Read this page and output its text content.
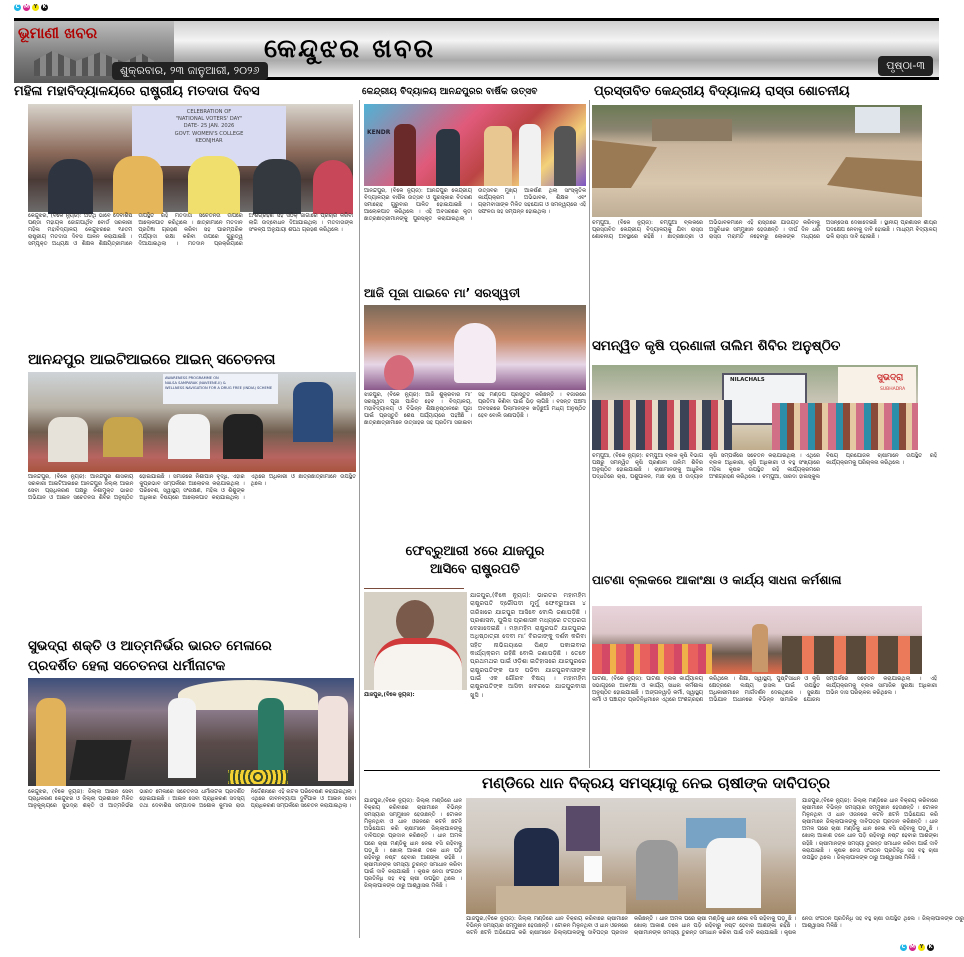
C M Y	K
C M Y	K
ଭୂମାଣୀ ଖବର
ଶୁକ୍ରବାର, ୨୩ ଜାନୁଆରୀ, ୨୦୨୬
କେନ୍ଦୁଝର ଖବର
ପୃଷ୍ଠା-୩
ମହିଳା ମହାବିଦ୍ୟାଳୟରେ ରାଷ୍ଟ୍ରୀୟ ମତଦାତା ଦିବସ	କେନ୍ଦ୍ରୀୟ ବିଦ୍ୟାଳୟ ଆନନ୍ଦପୁରର ବାର୍ଷିକ ଉତ୍ସବ	ପ୍ରସ୍ତାବିତ କେନ୍ଦ୍ରୀୟ ବିଦ୍ୟାଳୟ ରାସ୍ତା ଶୋଚନୀୟ
CELEBRATION OF
"NATIONAL VOTERS' DAY"
DATE- 25 JAN. 2026
GOVT. WOMEN'S COLLEGE
KEONJHAR
କେନ୍ଦୁଝର, (ବିକେ ନ୍ୟୁଜ): ଅତିଥି ଭାବେ ଦେବାଶିଷ ପଣ୍ଡା ମହାୟକ ଜୋଗପାର୍ଥିବ ବୋର୍ଡ ସରକାରୀ ମହିଳା ମହାବିଦ୍ୟାଳୟ କେନ୍ଦୁଝରରେ ୧୬ତମ ରାଷ୍ଟ୍ରୀୟ ମତଦାତା ଦିବସ ପାଳନ କରାଯାଇଛି । ସମ୍ପୃକ୍ତ ଅଧ୍ୟକ୍ଷ ଓ ଶିକ୍ଷକ ଶିକ୍ଷୟିତ୍ରୀମାନେ ଉପସ୍ଥିତ ରହି ମତଦାତା ସଚେତନତା ଉପରେ ଆଲୋକପାତ କରିଥିଲେ । ଛାତ୍ରୀମାନେ ମତଦାନ ପ୍ରତିଜ୍ଞା ଗ୍ରହଣ କରିବା ସହ ପାରମ୍ପରିକ ମର୍ଯ୍ୟାଦା ରକ୍ଷା କରିବା ଉପରେ ଗୁରୁତ୍ୱ ଦିଆଯାଇଥିଲା । ମତଦାନ ପ୍ରକ୍ରିୟାରେ ଅଂଶଗ୍ରହଣ ସହ ସଠିକ୍ ଜାଗାରେ ପ୍ରଚାର କରିବା ଲାଗି ଉଦ୍ବୋଧନ ଦିଆଯାଇଥିଲା । ମତଦାତାଙ୍କ ସଂକଳ୍ପ ଅନୁଯାୟୀ ଶପଥ ଗ୍ରହଣ କରିଥିଲେ ।
ଆନନ୍ଦପୁର ଆଇଟିଆଇରେ ଆଇନ୍ ସଚେତନତା
KENDR
ଆନନ୍ଦପୁର, (ବିକେ ନ୍ୟୁଜ): ଆନନ୍ଦପୁର କେନ୍ଦ୍ରୀୟ ବିଦ୍ୟାଳୟର ବାର୍ଷିକ ଉତ୍ସବ ଓ ପୁରସ୍କାର ବିତରଣ ସମାରୋହ ଗୁରୁବାର ପାଳିତ ହୋଇଯାଇଛି । ଆଲୋକପାତ କରିଥିଲେ । ଏହି ଅବସରରେ କୃତୀ ଛାତ୍ରଛାତ୍ରୀମାନଙ୍କୁ ପୁରସ୍କୃତ କରାଯାଇଥିଲା । ଉତ୍ସବର ମୁଖ୍ୟ ଆକର୍ଷଣ ଥିଲା ସାଂସ୍କୃତିକ କାର୍ଯ୍ୟକ୍ରମ । ଅଭିଭାବକ, ଶିକ୍ଷକ ଏବଂ ଗ୍ରାମବାସୀଙ୍କ ମିଳିତ ସହଯୋଗ ଓ ସମନ୍ୱୟରେ ଏହି ସଫଳତା ସହ ସମ୍ପନ୍ନ ହୋଇଥିଲା ।
ଆଜି ପୂଜା ପାଇବେ ମା’ ସରସ୍ୱତୀ
ଝାଜପୁର, (ବିକେ ନ୍ୟୁଜ): ଆଜି ଶୁକ୍ରବାର ମା’ ସରସ୍ୱତୀ ପୂଜା ପାଳିତ ହେବ । ବିଦ୍ୟାଳୟ, ମହାବିଦ୍ୟାଳୟ ଓ ବିଭିନ୍ନ ଶିକ୍ଷାନୁଷ୍ଠାନରେ ପୂଜା ପାଇଁ ପ୍ରସ୍ତୁତି ଶେଷ ପର୍ଯ୍ୟାୟରେ ପହଞ୍ଚିଛି । ଛାତ୍ରଛାତ୍ରୀମାନେ ଉତ୍ସାହର ସହ ପ୍ରତିମା ସଜାଇବା ସହ ମଣ୍ଡପ ପ୍ରସ୍ତୁତ କରିଛନ୍ତି । ବଜାରରେ ପ୍ରତିମା କିଣିବା ପାଇଁ ଭିଡ଼ ଲାଗିଛି । ବସନ୍ତ ପଞ୍ଚମୀ ଅବସରରେ ପିଲାମାନଙ୍କ ଖଡ଼ିଛୁଆଁ ମଧ୍ୟ ଅନୁଷ୍ଠିତ ହେବ ବୋଲି ଜଣାପଡ଼ିଛି ।
ଚମ୍ପୁଆ, (ବିକେ ନ୍ୟୁଜ): ଚମ୍ପୁଆ ବ୍ଲକରେ ପ୍ରସ୍ତାବିତ କେନ୍ଦ୍ରୀୟ ବିଦ୍ୟାଳୟକୁ ଯିବା ରାସ୍ତା ଶୋଚନୀୟ ଅବସ୍ଥାରେ ରହିଛି । ଛାତ୍ରଛାତ୍ରୀ ଓ ଅଭିଭାବକମାନେ ଏହି ରାସ୍ତାରେ ଯାତାୟତ କରିବାକୁ ଅସୁବିଧାର ସମ୍ମୁଖୀନ ହେଉଛନ୍ତି । ଦୀର୍ଘ ଦିନ ଧରି ରାସ୍ତା ମରାମତି ନହେବାରୁ ଲୋକଙ୍କ ମଧ୍ୟରେ ଅସନ୍ତୋଷ ଦେଖାଦେଇଛି । ସ୍ଥାନୀୟ ପ୍ରଶାସନ ଶୀଘ୍ର ପଦକ୍ଷେପ ନେବାକୁ ଦାବି ହୋଇଛି । ମାଧ୍ୟମ ବିଦ୍ୟାଳୟ ଭଳି ରାସ୍ତା ଦାବି ହୋଇଛି ।
ସମନ୍ୱିତ କୃଷି ପ୍ରଣାଳୀ ତାଲିମ ଶିବିର ଅନୁଷ୍ଠିତ
NILACHALS	ସୁଭଦ୍ରା
SUBHADRA
ଚମ୍ପୁଆ, (ବିକେ ନ୍ୟୁଜ): ଚମ୍ପୁଆ ବ୍ଲକ କୃଷି ବିଭାଗ ପକ୍ଷରୁ ସମନ୍ୱିତ କୃଷି ପ୍ରଣାଳୀ ତାଲିମ ଶିବିର ଅନୁଷ୍ଠିତ ହୋଇଯାଇଛି । ଚାଷୀମାନଙ୍କୁ ଆଧୁନିକ ପଦ୍ଧତିରେ ଚାଷ, ପଶୁପାଳନ, ମାଛ ଚାଷ ଓ ଉଦ୍ୟାନ କୃଷି ସମ୍ପର୍କରେ ସଚେତନ କରାଯାଇଥିଲା । ଏଥିରେ ବ୍ଲକ ଅଧିକାରୀ, କୃଷି ଅଧିକାରୀ ଓ ବହୁ ସଂଖ୍ୟାରେ ମହିଳା କୃଷକ ଉପସ୍ଥିତ ରହି କାର୍ଯ୍ୟକ୍ରମରେ ଅଂଶଗ୍ରହଣ କରିଥିଲେ । ଚମ୍ପୁଆ, ସାରଦା ହାଇସ୍କୁଲ ବିଷୟ ପ୍ରଯୋଜକ ଚାଷୀମାନେ ଉପସ୍ଥିତ ରହି କାର୍ଯ୍ୟକ୍ରମକୁ ପରିଚାଳନା କରିଥିଲେ ।
ପାଟଣା ବ୍ଲକରେ ଆକାଂକ୍ଷା ଓ କାର୍ଯ୍ୟ ସାଧନା କର୍ମଶାଳା
AWARENESS PROGRAMME ON
NALSA SAMPARAK (NAVEENE-II) &
WELLNESS NAVIGATION FOR A DRUG FREE (INDIA) SCHEME
ଆନନ୍ଦପୁର, (ବିକେ ନ୍ୟୁଜ): ଆନନ୍ଦପୁର ଶାସକୀୟ ସରକାରୀ ଆଇଟିଆଇରେ ଆନନ୍ଦପୁର ଜିଲ୍ଲା ଆଇନ ସେବା ପ୍ରାଧିକରଣ ପକ୍ଷରୁ ନିଶାମୁକ୍ତ ଭାରତ ଅଭିଯାନ ଓ ଆଇନ ସଚେତନତା ଶିବିର ଅନୁଷ୍ଠିତ ହୋଇଯାଇଛି । ସମାଜରେ ନିଶାପାନ ବୃଦ୍ଧି, ଏହାର କୁପ୍ରଭାବ ସମ୍ପର୍କରେ ଆଲୋଚନା କରାଯାଇଥିଲା । ପରିବେଶ, ସ୍ୱାସ୍ଥ୍ୟ ସଂରକ୍ଷଣ, ମହିଳା ଓ ଶିଶୁଙ୍କ ଅଧିକାର ବିଷୟରେ ଆଲୋକପାତ କରାଯାଇଥିଲା । ଏଥିରେ ଅଧିକାରୀ ଓ ଛାତ୍ରଛାତ୍ରୀମାନେ ଉପସ୍ଥିତ ଥିଲେ ।
ଫେବ୍ରୁଆରୀ ୪ରେ ଯାଜପୁର
ଆସିବେ ରାଷ୍ଟ୍ରପତି
ଯାଜପୁର,(ବିକେ ନ୍ୟୁଜ):
ଯାଜପୁର,(ବିକେ ନ୍ୟୁଜ): ଭାରତର ମହାମହିମ ରାଷ୍ଟ୍ରପତି ଦ୍ରୌପଦୀ ମୁର୍ମୁ ଫେବ୍ରୁଆରୀ ୪ ତାରିଖରେ ଯାଜପୁର ଆସିବେ ବୋଲି ଜଣାପଡ଼ିଛି । ପ୍ରଶାସନ, ପୁଲିସ ପ୍ରଶାସନ ମଧ୍ୟରେ ତତ୍ପରତା ଦେଖାଦେଇଛି । ମହାମହିମ ରାଷ୍ଟ୍ରପତି ଯାଜପୁରର ଅଧିଷ୍ଠାତ୍ରୀ ଦେବୀ ମା’ ବିରଜାଙ୍କୁ ଦର୍ଶନ କରିବା ସହିତ ନାଭିଗୟାରେ ପିଣ୍ଡ ପକାଇବାର କାର୍ଯ୍ୟକ୍ରମ ରହିଛି ବୋଲି ଜଣାପଡ଼ିଛି । ତେବେ ପ୍ରଥମଥର ପାଇଁ ଓଡ଼ିଶା ଇତିହାସରେ ଯାଜପୁରରେ ରାଷ୍ଟ୍ରପତିଙ୍କ ପାଦ ପଡ଼ିବା ଯାଜପୁରବାସୀଙ୍କ ପାଇଁ ଏକ ଗୌରବ ବିଷୟ । ମହାମହିମ ରାଷ୍ଟ୍ରପତିଙ୍କ ଆସିବା ଖବରରେ ଯାଜପୁରବାସୀ ଖୁସି ।
ପାଟଣା, (ବିକେ ନ୍ୟୁଜ): ପାଟଣା ବ୍ଲକ କାର୍ଯ୍ୟାଳୟ ସଭାଗୃହରେ ଆକାଂକ୍ଷା ଓ କାର୍ଯ୍ୟ ସାଧନା କର୍ମଶାଳା ଅନୁଷ୍ଠିତ ହୋଇଯାଇଛି । ଅଙ୍ଗନୱାଡ଼ି କର୍ମୀ, ସ୍ୱାସ୍ଥ୍ୟ କର୍ମୀ ଓ ପଞ୍ଚାୟତ ପ୍ରତିନିଧିମାନେ ଏଥିରେ ଅଂଶଗ୍ରହଣ କରିଥିଲେ । ଶିକ୍ଷା, ସ୍ୱାସ୍ଥ୍ୟ, ପୁଷ୍ଟିସାଧନ ଓ କୃଷି କ୍ଷେତ୍ରରେ ଲକ୍ଷ୍ୟ ହାସଲ ପାଇଁ ଉପସ୍ଥିତ ଅଧିକାରୀମାନେ ମାର୍ଗଦର୍ଶନ ଦେଇଥିଲେ । ସୁରକ୍ଷା ଅଭିଯାନ ଅଧୀନରେ ବିଭିନ୍ନ ସାମାଜିକ ଯୋଜନା ସମ୍ପର୍କରେ ସଚେତନ କରାଯାଇଥିଲା । ଏହି କାର୍ଯ୍ୟକ୍ରମକୁ ବ୍ଲକ ସାମାଜିକ ସୁରକ୍ଷା ଅଧିକାରୀ ଅଭିନ ଦାସ ପରିଚାଳନା କରିଥିଲେ ।
ସୁଭଦ୍ରା ଶକ୍ତି ଓ ଆତ୍ମନିର୍ଭର ଭାରତ ମେଳାରେ
ପ୍ରଦର୍ଶିତ ହେଲା ସଚେତନତା ଧର୍ମୀନାଟକ
କେନ୍ଦୁଝର, (ବିକେ ନ୍ୟୁଜ): ଜିଲ୍ଲା ଆଇନ ସେବା ପ୍ରାଧିକରଣ କେନ୍ଦୁଝର ଓ ଜିଲ୍ଲା ପ୍ରଶାସନ ମିଳିତ ଆନୁକୂଲ୍ୟରେ ସୁଭଦ୍ରା ଶକ୍ତି ଓ ଆତ୍ମନିର୍ଭର ଭାରତ ମେଳାରେ ସଚେତନତା ଧର୍ମୀନାଟକ ପ୍ରଦର୍ଶିତ ହୋଇଯାଇଛି । ଆଇନ ସେବା ପ୍ରାଧିକରଣ ସଦସ୍ୟ ତଥା ଦେବାଶିଷ ସମ୍ପାଦକ ଅଶୋକ କୁମାର ରାଉ ନିର୍ଦ୍ଦେଶନାରେ ଏହି ନାଟକ ପରିବେଷଣ କରାଯାଇଥିଲା । ଏଥିରେ ଜୀବନବ୍ୟାପୀ ଦୁର୍ବିପାକ ଓ ଆଇନ ସେବା ପ୍ରାଧିକରଣ ସମ୍ପର୍କରେ ସଚେତନ କରାଯାଇଥିଲା ।
ମଣ୍ଡିରେ ଧାନ ବିକ୍ରୟ ସମସ୍ୟାକୁ ନେଇ ଚାଷୀଙ୍କ ଦାବିପତ୍ର
ଯାଜପୁର,(ବିକେ ନ୍ୟୁଜ): ଜିଲ୍ଲା ମଣ୍ଡିରେ ଧାନ ବିକ୍ରୟ କରିବାରେ ଚାଷୀମାନେ ବିଭିନ୍ନ ସମସ୍ୟାର ସମ୍ମୁଖୀନ ହେଉଛନ୍ତି । ଟୋକନ ମିଳୁନଥିବା ଓ ଧାନ ଓଜନରେ କଟନି ଛଟନି ଅଭିଯୋଗ କରି ଚାଷୀମାନେ ଜିଲ୍ଲାପାଳଙ୍କୁ ଦାବିପତ୍ର ପ୍ରଦାନ କରିଛନ୍ତି । ଧାନ ଅମଳ ପରେ ଚାଷୀ ମଣ୍ଡିକୁ ଧାନ ନେଇ ବସି ରହିବାକୁ ପଡ଼ୁଛି । ଖୋଲା ଆକାଶ ତଳେ ଧାନ ପଡ଼ି ରହିବାରୁ ନଷ୍ଟ ହେବାର ଆଶଙ୍କା ରହିଛି । ଚାଷୀମାନଙ୍କ ସମସ୍ୟା ତୁରନ୍ତ ସମାଧାନ କରିବା ପାଇଁ ଦାବି କରାଯାଇଛି । କୃଷକ ନେତା ସଂଗଠନ ପ୍ରତିନିଧି ସହ ବହୁ ଚାଷୀ ଉପସ୍ଥିତ ଥିଲେ । ଜିଲ୍ଲାପାଳଙ୍କ ଠାରୁ ଆଶ୍ୱାସନା ମିଳିଛି ।
ଯାଜପୁର,(ବିକେ ନ୍ୟୁଜ): ଜିଲ୍ଲା ମଣ୍ଡିରେ ଧାନ ବିକ୍ରୟ କରିବାରେ ଚାଷୀମାନେ ବିଭିନ୍ନ ସମସ୍ୟାର ସମ୍ମୁଖୀନ ହେଉଛନ୍ତି । ଟୋକନ ମିଳୁନଥିବା ଓ ଧାନ ଓଜନରେ କଟନି ଛଟନି ଅଭିଯୋଗ କରି ଚାଷୀମାନେ ଜିଲ୍ଲାପାଳଙ୍କୁ ଦାବିପତ୍ର ପ୍ରଦାନ କରିଛନ୍ତି । ଧାନ ଅମଳ ପରେ ଚାଷୀ ମଣ୍ଡିକୁ ଧାନ ନେଇ ବସି ରହିବାକୁ ପଡ଼ୁଛି । ଖୋଲା ଆକାଶ ତଳେ ଧାନ ପଡ଼ି ରହିବାରୁ ନଷ୍ଟ ହେବାର ଆଶଙ୍କା ରହିଛି । ଚାଷୀମାନଙ୍କ ସମସ୍ୟା ତୁରନ୍ତ ସମାଧାନ କରିବା ପାଇଁ ଦାବି କରାଯାଇଛି । କୃଷକ ନେତା ସଂଗଠନ ପ୍ରତିନିଧି ସହ ବହୁ ଚାଷୀ ଉପସ୍ଥିତ ଥିଲେ । ଜିଲ୍ଲାପାଳଙ୍କ ଠାରୁ ଆଶ୍ୱାସନା ମିଳିଛି ।
ଯାଜପୁର,(ବିକେ ନ୍ୟୁଜ): ଜିଲ୍ଲା ମଣ୍ଡିରେ ଧାନ ବିକ୍ରୟ କରିବାରେ ଚାଷୀମାନେ ବିଭିନ୍ନ ସମସ୍ୟାର ସମ୍ମୁଖୀନ ହେଉଛନ୍ତି । ଟୋକନ ମିଳୁନଥିବା ଓ ଧାନ ଓଜନରେ କଟନି ଛଟନି ଅଭିଯୋଗ କରି ଚାଷୀମାନେ ଜିଲ୍ଲାପାଳଙ୍କୁ ଦାବିପତ୍ର ପ୍ରଦାନ କରିଛନ୍ତି । ଧାନ ଅମଳ ପରେ ଚାଷୀ ମଣ୍ଡିକୁ ଧାନ ନେଇ ବସି ରହିବାକୁ ପଡ଼ୁଛି । ଖୋଲା ଆକାଶ ତଳେ ଧାନ ପଡ଼ି ରହିବାରୁ ନଷ୍ଟ ହେବାର ଆଶଙ୍କା ରହିଛି । ଚାଷୀମାନଙ୍କ ସମସ୍ୟା ତୁରନ୍ତ ସମାଧାନ କରିବା ପାଇଁ ଦାବି କରାଯାଇଛି । କୃଷକ ନେତା ସଂଗଠନ ପ୍ରତିନିଧି ସହ ବହୁ ଚାଷୀ ଉପସ୍ଥିତ ଥିଲେ । ଜିଲ୍ଲାପାଳଙ୍କ ଠାରୁ ଆଶ୍ୱାସନା ମିଳିଛି ।
